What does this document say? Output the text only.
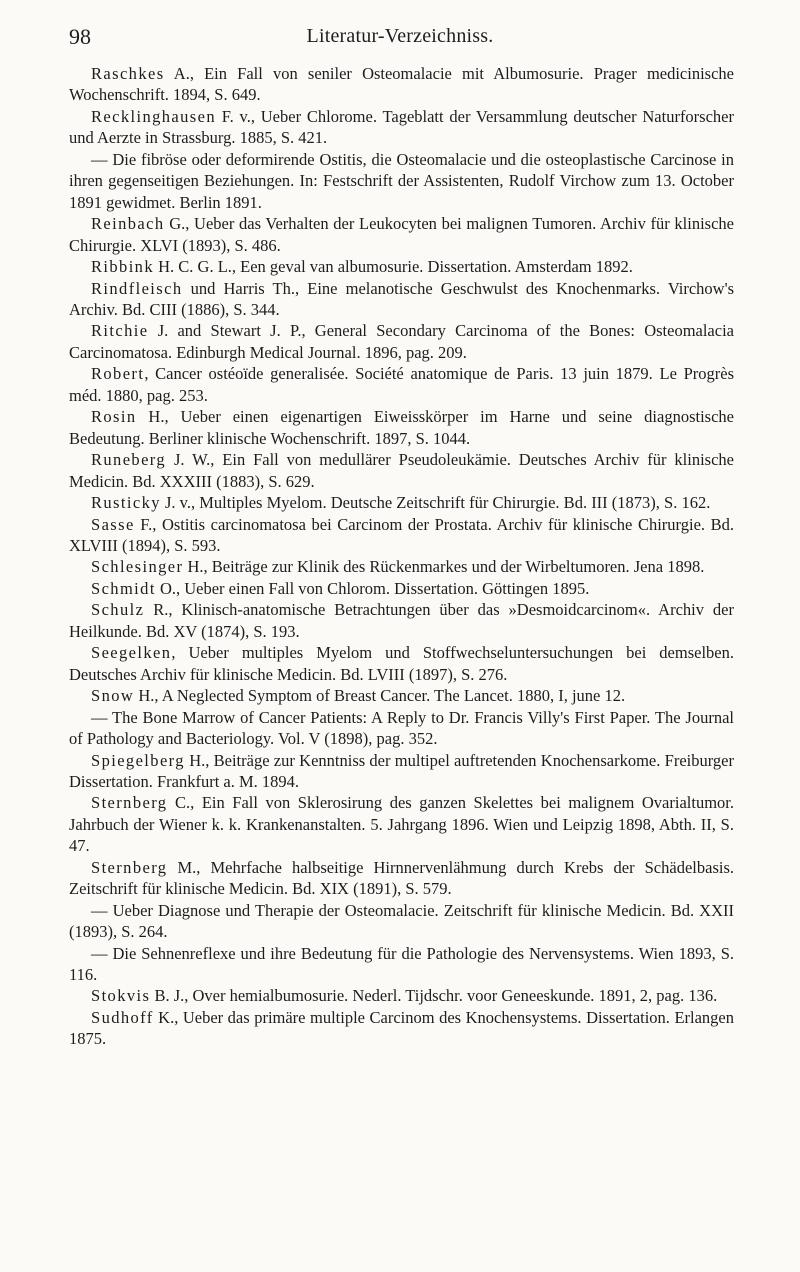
98	Literatur-Verzeichniss.

Raschkes A., Ein Fall von seniler Osteomalacie mit Albumosurie. Prager medicinische Wochenschrift. 1894, S. 649.

Recklinghausen F. v., Ueber Chlorome. Tageblatt der Versammlung deutscher Naturforscher und Aerzte in Strassburg. 1885, S. 421.

— Die fibröse oder deformirende Ostitis, die Osteomalacie und die osteoplastische Carcinose in ihren gegenseitigen Beziehungen. In: Festschrift der Assistenten, Rudolf Virchow zum 13. October 1891 gewidmet. Berlin 1891.

Reinbach G., Ueber das Verhalten der Leukocyten bei malignen Tumoren. Archiv für klinische Chirurgie. XLVI (1893), S. 486.

Ribbink H. C. G. L., Een geval van albumosurie. Dissertation. Amsterdam 1892.

Rindfleisch und Harris Th., Eine melanotische Geschwulst des Knochenmarks. Virchow's Archiv. Bd. CIII (1886), S. 344.

Ritchie J. and Stewart J. P., General Secondary Carcinoma of the Bones: Osteomalacia Carcinomatosa. Edinburgh Medical Journal. 1896, pag. 209.

Robert, Cancer ostéoïde generalisée. Société anatomique de Paris. 13 juin 1879. Le Progrès méd. 1880, pag. 253.

Rosin H., Ueber einen eigenartigen Eiweisskörper im Harne und seine diagnostische Bedeutung. Berliner klinische Wochenschrift. 1897, S. 1044.

Runeberg J. W., Ein Fall von medullärer Pseudoleukämie. Deutsches Archiv für klinische Medicin. Bd. XXXIII (1883), S. 629.

Rusticky J. v., Multiples Myelom. Deutsche Zeitschrift für Chirurgie. Bd. III (1873), S. 162.

Sasse F., Ostitis carcinomatosa bei Carcinom der Prostata. Archiv für klinische Chirurgie. Bd. XLVIII (1894), S. 593.

Schlesinger H., Beiträge zur Klinik des Rückenmarkes und der Wirbeltumoren. Jena 1898.

Schmidt O., Ueber einen Fall von Chlorom. Dissertation. Göttingen 1895.

Schulz R., Klinisch-anatomische Betrachtungen über das »Desmoidcarcinom«. Archiv der Heilkunde. Bd. XV (1874), S. 193.

Seegelken, Ueber multiples Myelom und Stoffwechseluntersuchungen bei demselben. Deutsches Archiv für klinische Medicin. Bd. LVIII (1897), S. 276.

Snow H., A Neglected Symptom of Breast Cancer. The Lancet. 1880, I, june 12.

— The Bone Marrow of Cancer Patients: A Reply to Dr. Francis Villy's First Paper. The Journal of Pathology and Bacteriology. Vol. V (1898), pag. 352.

Spiegelberg H., Beiträge zur Kenntniss der multipel auftretenden Knochensarkome. Freiburger Dissertation. Frankfurt a. M. 1894.

Sternberg C., Ein Fall von Sklerosirung des ganzen Skelettes bei malignem Ovarialtumor. Jahrbuch der Wiener k. k. Krankenanstalten. 5. Jahrgang 1896. Wien und Leipzig 1898, Abth. II, S. 47.

Sternberg M., Mehrfache halbseitige Hirnnervenlähmung durch Krebs der Schädelbasis. Zeitschrift für klinische Medicin. Bd. XIX (1891), S. 579.

— Ueber Diagnose und Therapie der Osteomalacie. Zeitschrift für klinische Medicin. Bd. XXII (1893), S. 264.

— Die Sehnenreflexe und ihre Bedeutung für die Pathologie des Nervensystems. Wien 1893, S. 116.

Stokvis B. J., Over hemialbumosurie. Nederl. Tijdschr. voor Geneeskunde. 1891, 2, pag. 136.

Sudhoff K., Ueber das primäre multiple Carcinom des Knochensystems. Dissertation. Erlangen 1875.
